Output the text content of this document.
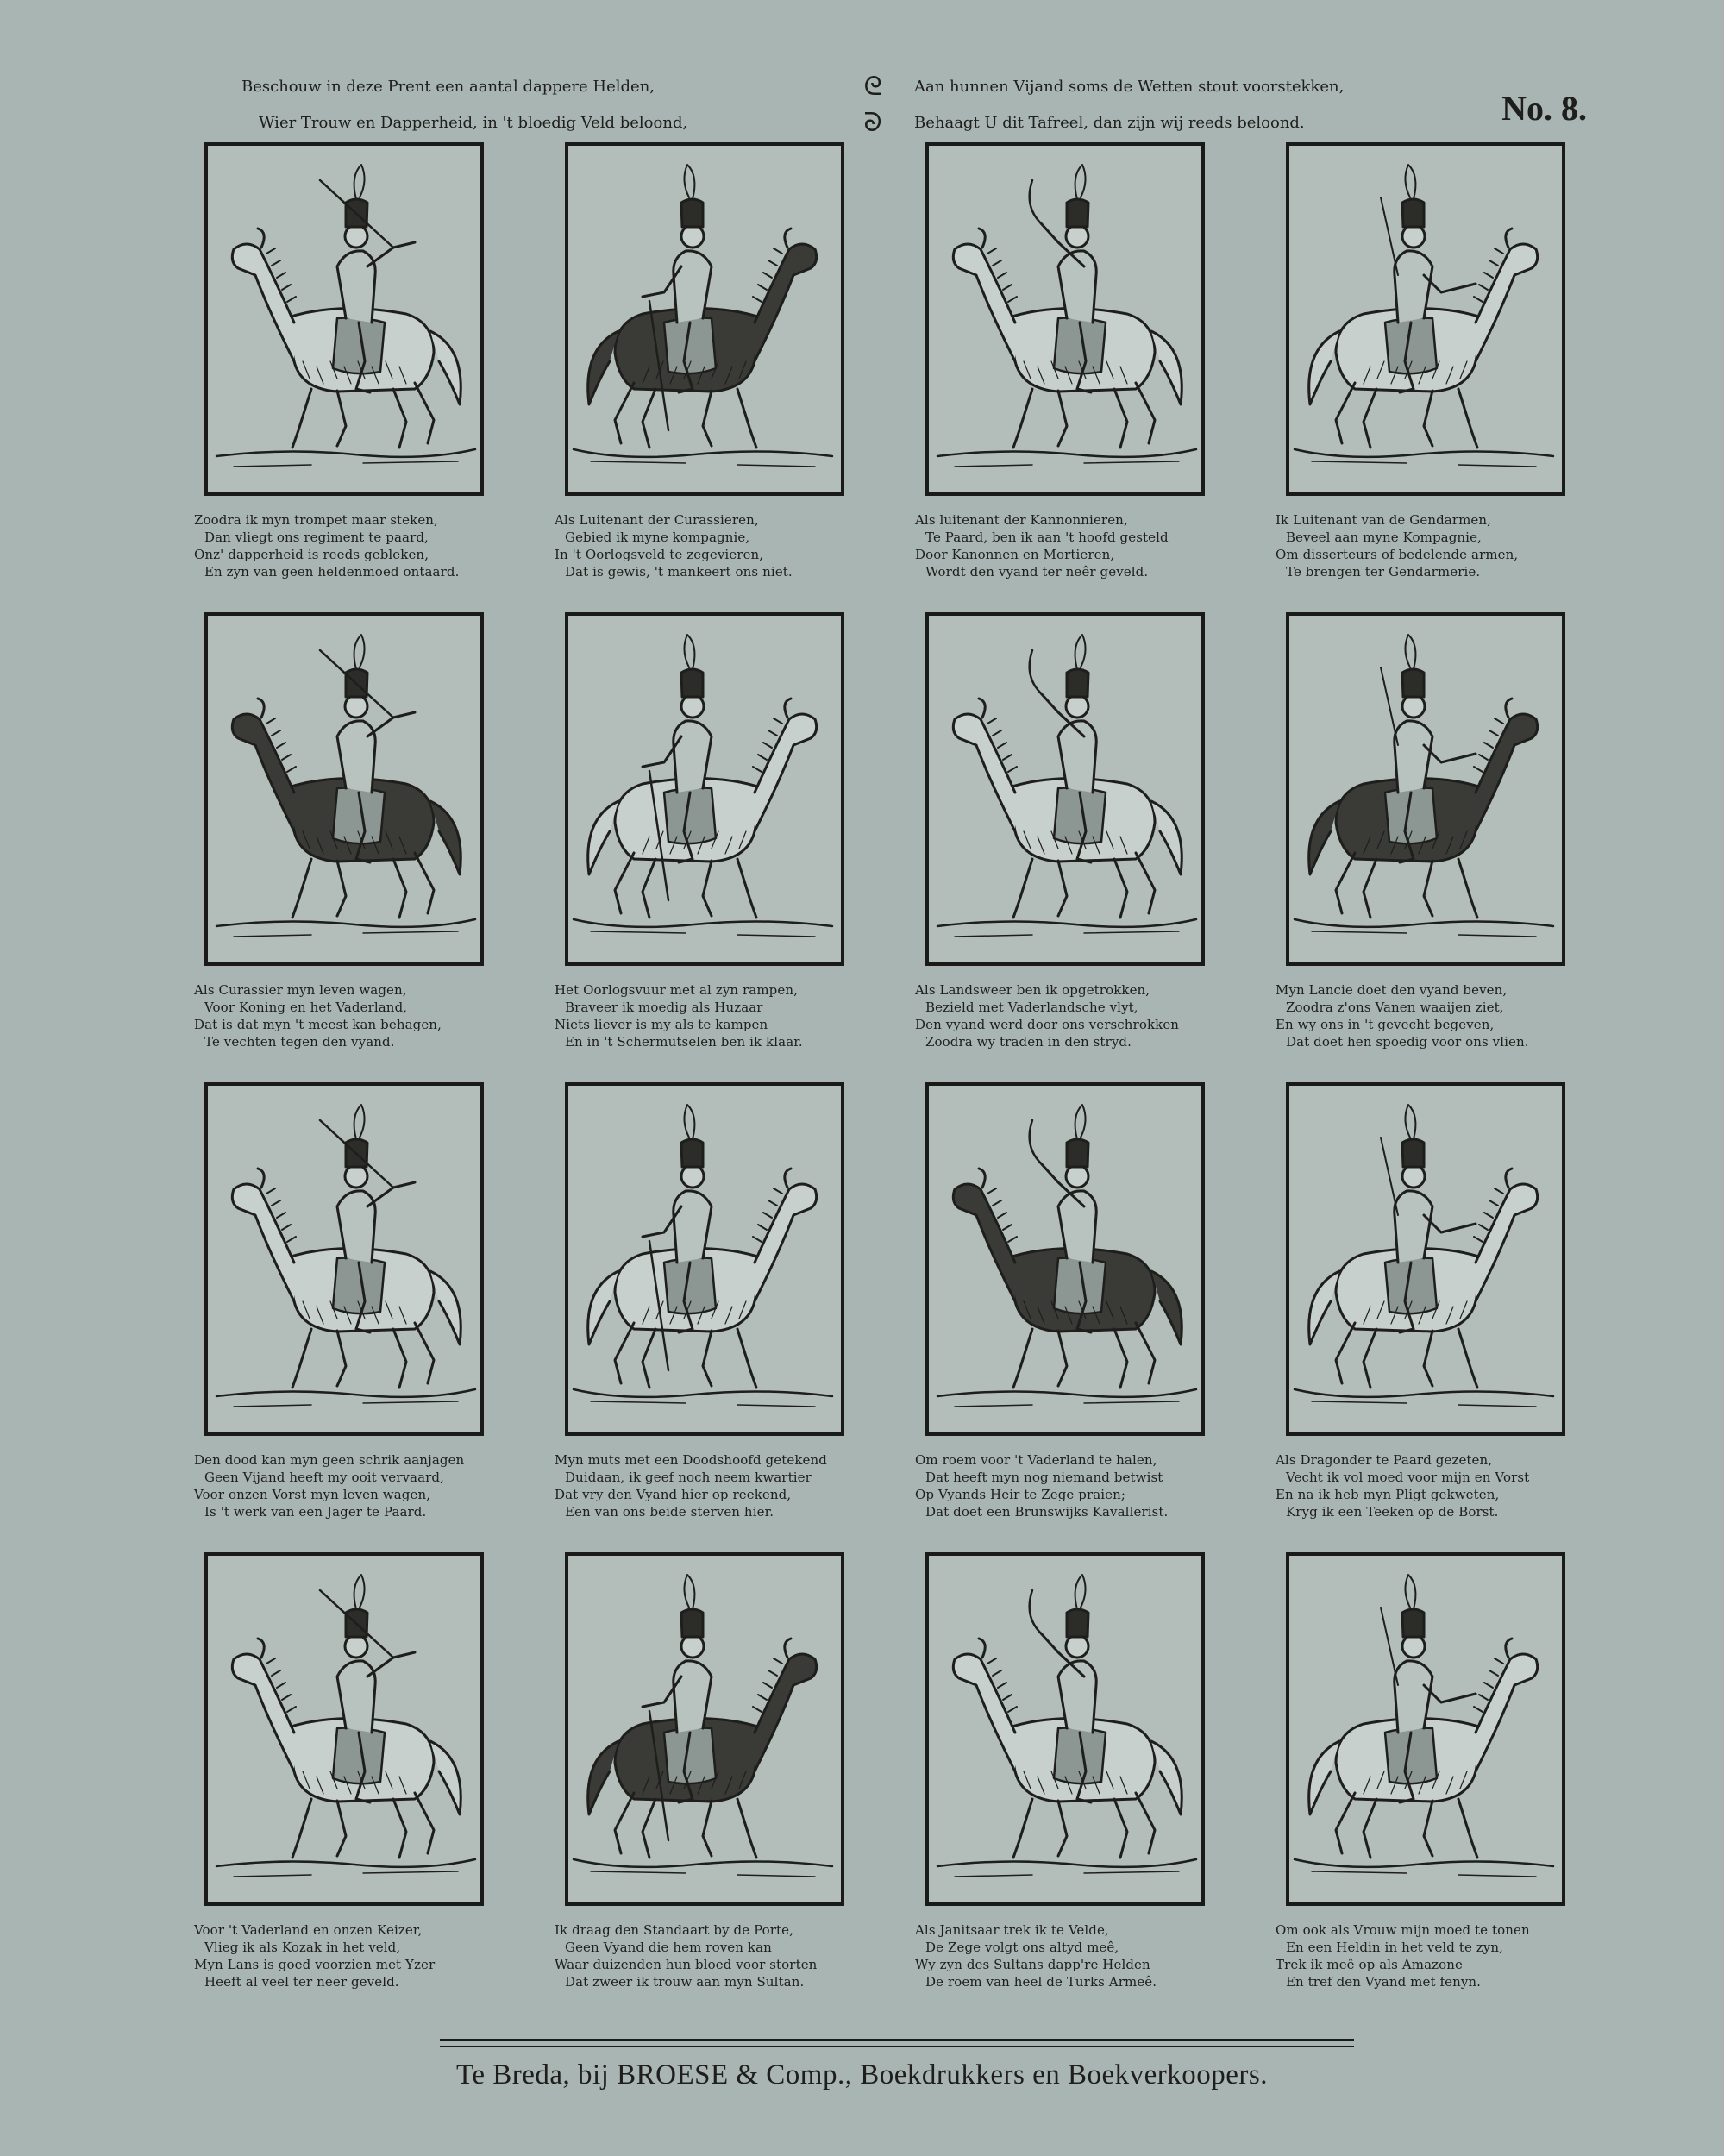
Beschouw in deze Prent een aantal dappere Helden,
Wier Trouw en Dapperheid, in 't bloedig Veld beloond,
ᘓ
ᘐ
Aan hunnen Vijand soms de Wetten stout voorstekken,
Behaagt U dit Tafreel, dan zijn wij reeds beloond.	No. 8.
Zoodra ik myn trompet maar steken,
Dan vliegt ons regiment te paard,
Onz' dapperheid is reeds gebleken,
En zyn van geen heldenmoed ontaard.
Als Luitenant der Curassieren,
Gebied ik myne kompagnie,
In 't Oorlogsveld te zegevieren,
Dat is gewis, 't mankeert ons niet.
Als luitenant der Kannonnieren,
Te Paard, ben ik aan 't hoofd gesteld
Door Kanonnen en Mortieren,
Wordt den vyand ter neêr geveld.
Ik Luitenant van de Gendarmen,
Beveel aan myne Kompagnie,
Om disserteurs of bedelende armen,
Te brengen ter Gendarmerie.
Als Curassier myn leven wagen,
Voor Koning en het Vaderland,
Dat is dat myn 't meest kan behagen,
Te vechten tegen den vyand.
Het Oorlogsvuur met al zyn rampen,
Braveer ik moedig als Huzaar
Niets liever is my als te kampen
En in 't Schermutselen ben ik klaar.
Als Landsweer ben ik opgetrokken,
Bezield met Vaderlandsche vlyt,
Den vyand werd door ons verschrokken
Zoodra wy traden in den stryd.
Myn Lancie doet den vyand beven,
Zoodra z'ons Vanen waaijen ziet,
En wy ons in 't gevecht begeven,
Dat doet hen spoedig voor ons vlien.
Den dood kan myn geen schrik aanjagen
Geen Vijand heeft my ooit vervaard,
Voor onzen Vorst myn leven wagen,
Is 't werk van een Jager te Paard.
Myn muts met een Doodshoofd getekend
Duidaan, ik geef noch neem kwartier
Dat vry den Vyand hier op reekend,
Een van ons beide sterven hier.
Om roem voor 't Vaderland te halen,
Dat heeft myn nog niemand betwist
Op Vyands Heir te Zege praien;
Dat doet een Brunswijks Kavallerist.
Als Dragonder te Paard gezeten,
Vecht ik vol moed voor mijn en Vorst
En na ik heb myn Pligt gekweten,
Kryg ik een Teeken op de Borst.
Voor 't Vaderland en onzen Keizer,
Vlieg ik als Kozak in het veld,
Myn Lans is goed voorzien met Yzer
Heeft al veel ter neer geveld.
Ik draag den Standaart by de Porte,
Geen Vyand die hem roven kan
Waar duizenden hun bloed voor storten
Dat zweer ik trouw aan myn Sultan.
Als Janitsaar trek ik te Velde,
De Zege volgt ons altyd meê,
Wy zyn des Sultans dapp're Helden
De roem van heel de Turks Armeê.
Om ook als Vrouw mijn moed te tonen
En een Heldin in het veld te zyn,
Trek ik meê op als Amazone
En tref den Vyand met fenyn.
Te Breda, bij BROESE & Comp., Boekdrukkers en Boekverkoopers.
